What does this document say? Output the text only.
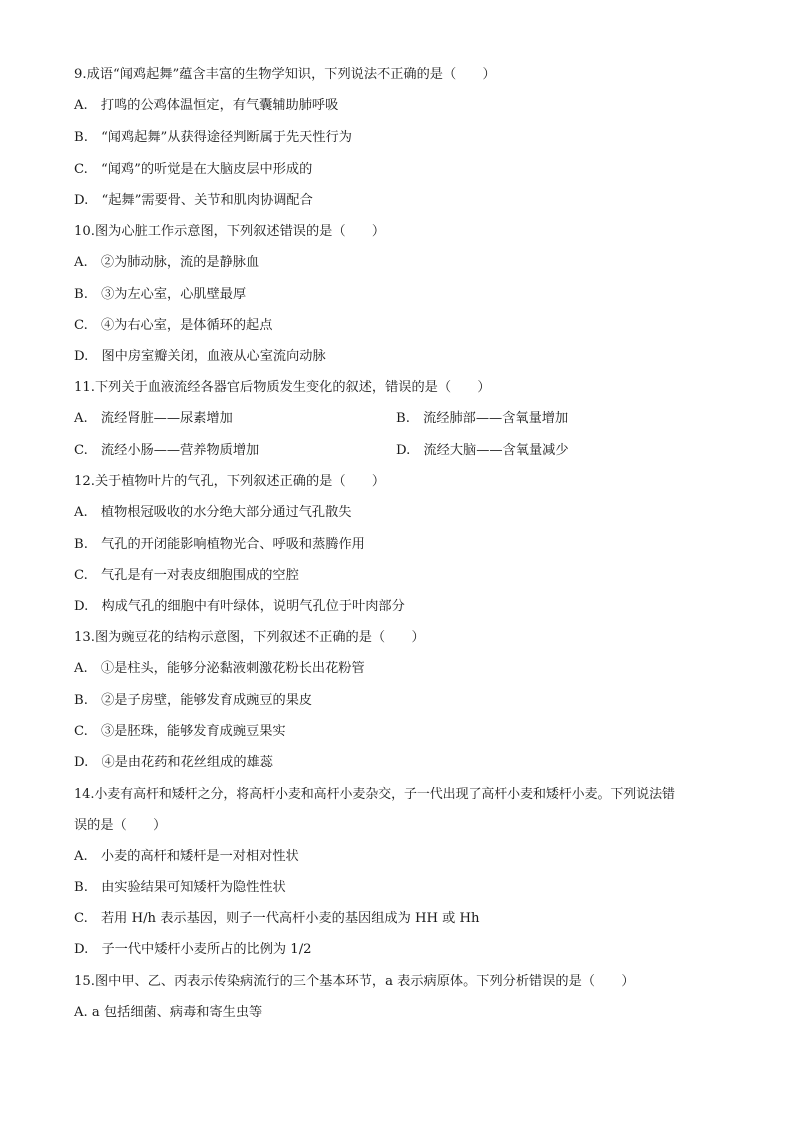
9.成语“闻鸡起舞”蕴含丰富的生物学知识，下列说法不正确的是（　　）
A.　打鸣的公鸡体温恒定，有气囊辅助肺呼吸
B.　“闻鸡起舞”从获得途径判断属于先天性行为
C.　“闻鸡”的听觉是在大脑皮层中形成的
D.　“起舞”需要骨、关节和肌肉协调配合
10.图为心脏工作示意图，下列叙述错误的是（　　）
A.　②为肺动脉，流的是静脉血
B.　③为左心室，心肌壁最厚
C.　④为右心室，是体循环的起点
D.　图中房室瓣关闭，血液从心室流向动脉
11.下列关于血液流经各器官后物质发生变化的叙述，错误的是（　　）
A.　流经肾脏——尿素增加	B.　流经肺部——含氧量增加
C.　流经小肠——营养物质增加	D.　流经大脑——含氧量减少
12.关于植物叶片的气孔，下列叙述正确的是（　　）
A.　植物根冠吸收的水分绝大部分通过气孔散失
B.　气孔的开闭能影响植物光合、呼吸和蒸腾作用
C.　气孔是有一对表皮细胞围成的空腔
D.　构成气孔的细胞中有叶绿体，说明气孔位于叶肉部分
13.图为豌豆花的结构示意图，下列叙述不正确的是（　　）
A.　①是柱头，能够分泌黏液刺激花粉长出花粉管
B.　②是子房壁，能够发育成豌豆的果皮
C.　③是胚珠，能够发育成豌豆果实
D.　④是由花药和花丝组成的雄蕊
14.小麦有高杆和矮杆之分，将高杆小麦和高杆小麦杂交，子一代出现了高杆小麦和矮杆小麦。下列说法错
误的是（　　）
A.　小麦的高杆和矮杆是一对相对性状
B.　由实验结果可知矮杆为隐性性状
C.　若用 H/h 表示基因，则子一代高杆小麦的基因组成为 HH 或 Hh
D.　子一代中矮杆小麦所占的比例为 1/2
15.图中甲、乙、丙表示传染病流行的三个基本环节，a 表示病原体。下列分析错误的是（　　）
A. a 包括细菌、病毒和寄生虫等
